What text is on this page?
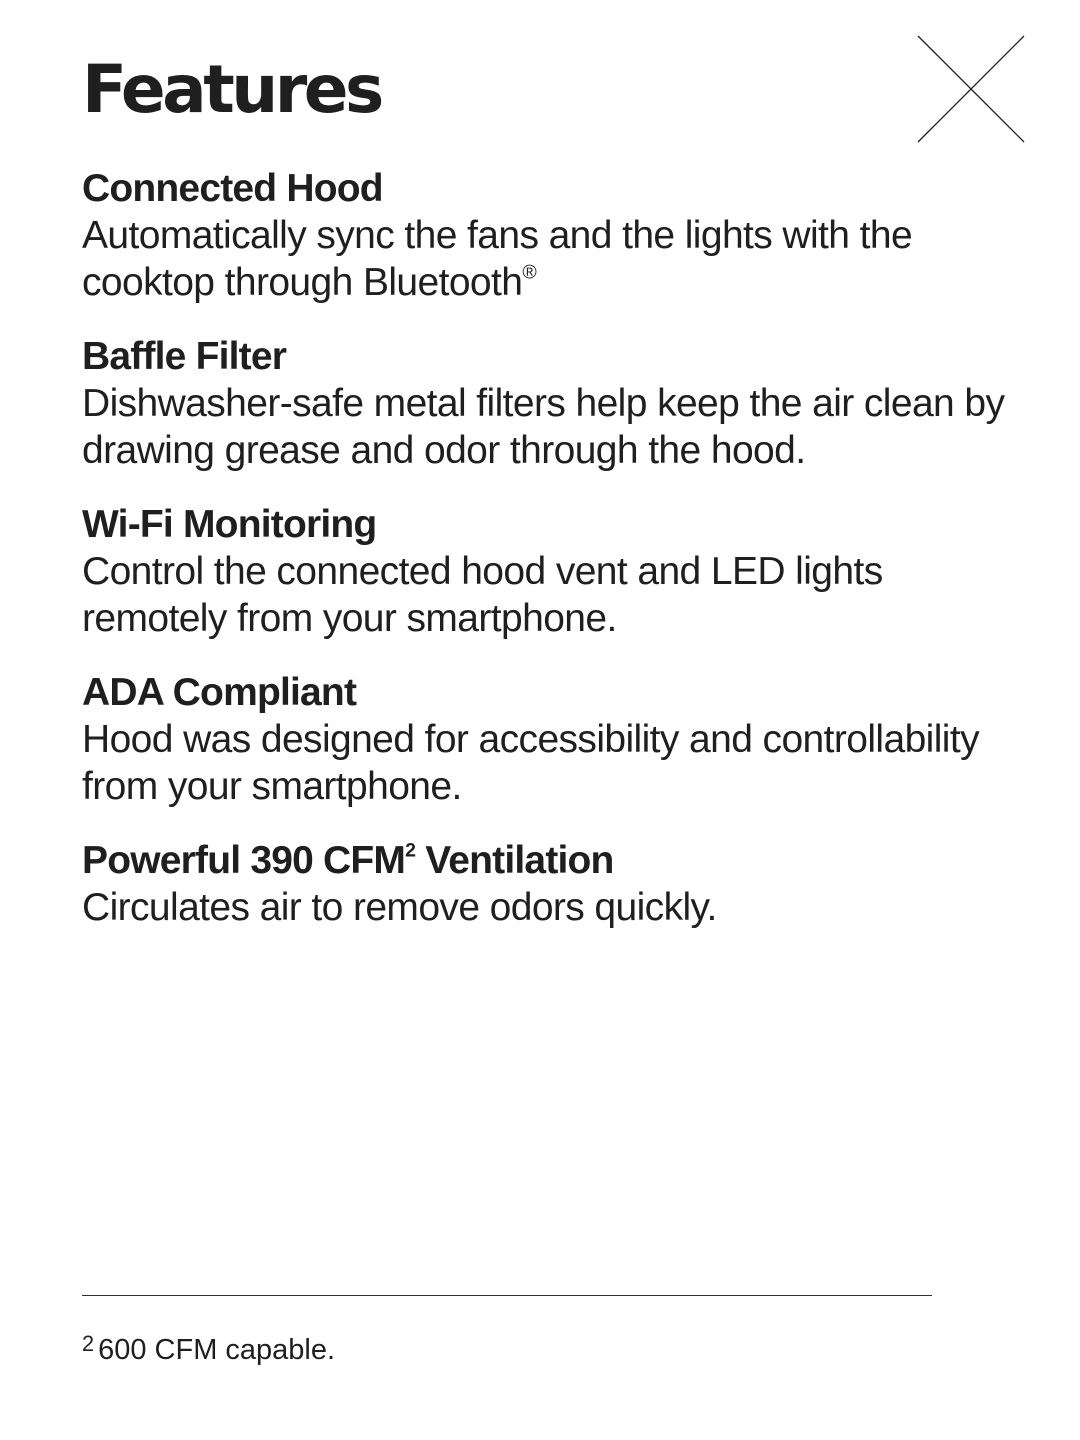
Features
Connected Hood
Automatically sync the fans and the lights with the cooktop through Bluetooth®
Baffle Filter
Dishwasher-safe metal filters help keep the air clean by drawing grease and odor through the hood.
Wi-Fi Monitoring
Control the connected hood vent and LED lights remotely from your smartphone.
ADA Compliant
Hood was designed for accessibility and controllability from your smartphone.
Powerful 390 CFM$^2$ Ventilation
Circulates air to remove odors quickly.
$^2$ 600 CFM capable.
